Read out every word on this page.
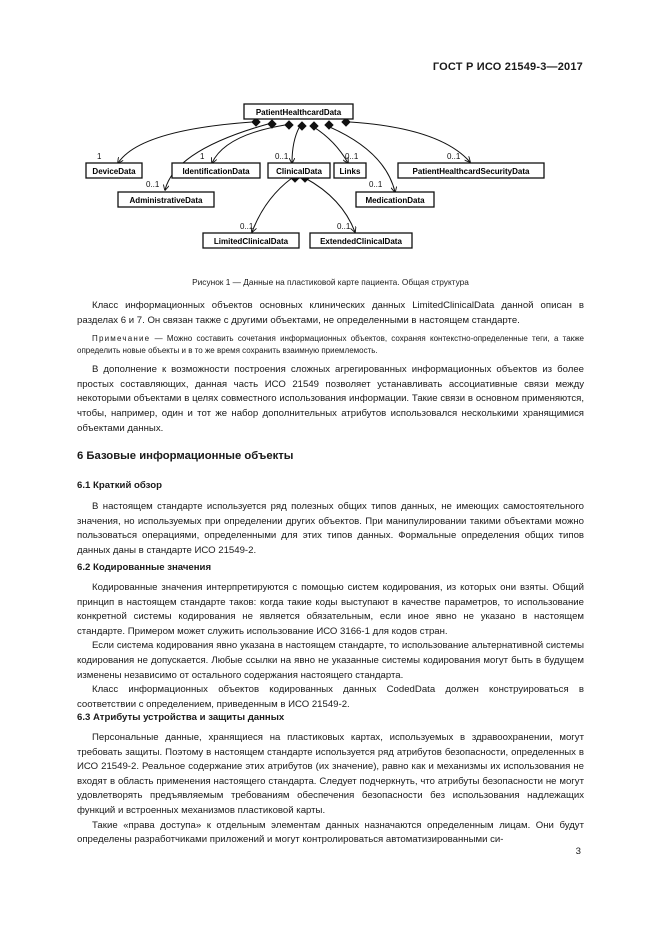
ГОСТ Р ИСО 21549-3—2017
PatientHealthcardData
DeviceData
AdministrativeData
IdentificationData	ClinicalData Links
MedicationData
PatientHealthcardSecurityData
LimitedClinicalData	ExtendedClinicalData
1
0..1
1	0..1	0..1
0..1
0..1
0..1	0..1
Рисунок 1 — Данные на пластиковой карте пациента. Общая структура

Класс информационных объектов основных клинических данных LimitedClinicalData данной описан в разделах 6 и 7. Он связан также с другими объектами, не определенными в настоящем стандарте.

Примечание — Можно составить сочетания информационных объектов, сохраняя контекстно-определенные теги, а также определить новые объекты и в то же время сохранить взаимную приемлемость.

В дополнение к возможности построения сложных агрегированных информационных объектов из более простых составляющих, данная часть ИСО 21549 позволяет устанавливать ассоциативные связи между некоторыми объектами в целях совместного использования информации. Такие связи в основном применяются, чтобы, например, один и тот же набор дополнительных атрибутов использовался несколькими хранящимися объектами данных.

6 Базовые информационные объекты
6.1 Краткий обзор

В настоящем стандарте используется ряд полезных общих типов данных, не имеющих самостоятельного значения, но используемых при определении других объектов. При манипулировании такими объектами можно пользоваться операциями, определенными для этих типов данных. Формальные определения общих типов данных даны в стандарте ИСО 21549-2.

6.2 Кодированные значения

Кодированные значения интерпретируются с помощью систем кодирования, из которых они взяты. Общий принцип в настоящем стандарте таков: когда такие коды выступают в качестве параметров, то использование конкретной системы кодирования не является обязательным, если иное явно не указано в настоящем стандарте. Примером может служить использование ИСО 3166-1 для кодов стран.

Если система кодирования явно указана в настоящем стандарте, то использование альтернативной системы кодирования не допускается. Любые ссылки на явно не указанные системы кодирования могут быть в будущем изменены независимо от остального содержания настоящего стандарта.

Класс информационных объектов кодированных данных CodedData должен конструироваться в соответствии с определением, приведенным в ИСО 21549-2.

6.3 Атрибуты устройства и защиты данных

Персональные данные, хранящиеся на пластиковых картах, используемых в здравоохранении, могут требовать защиты. Поэтому в настоящем стандарте используется ряд атрибутов безопасности, определенных в ИСО 21549-2. Реальное содержание этих атрибутов (их значение), равно как и механизмы их использования не входят в область применения настоящего стандарта. Следует подчеркнуть, что атрибуты безопасности не могут удовлетворять предъявляемым требованиям обеспечения безопасности без использования надлежащих функций и встроенных механизмов пластиковой карты.

Такие «права доступа» к отдельным элементам данных назначаются определенным лицам. Они будут определены разработчиками приложений и могут контролироваться автоматизированными си-

3
